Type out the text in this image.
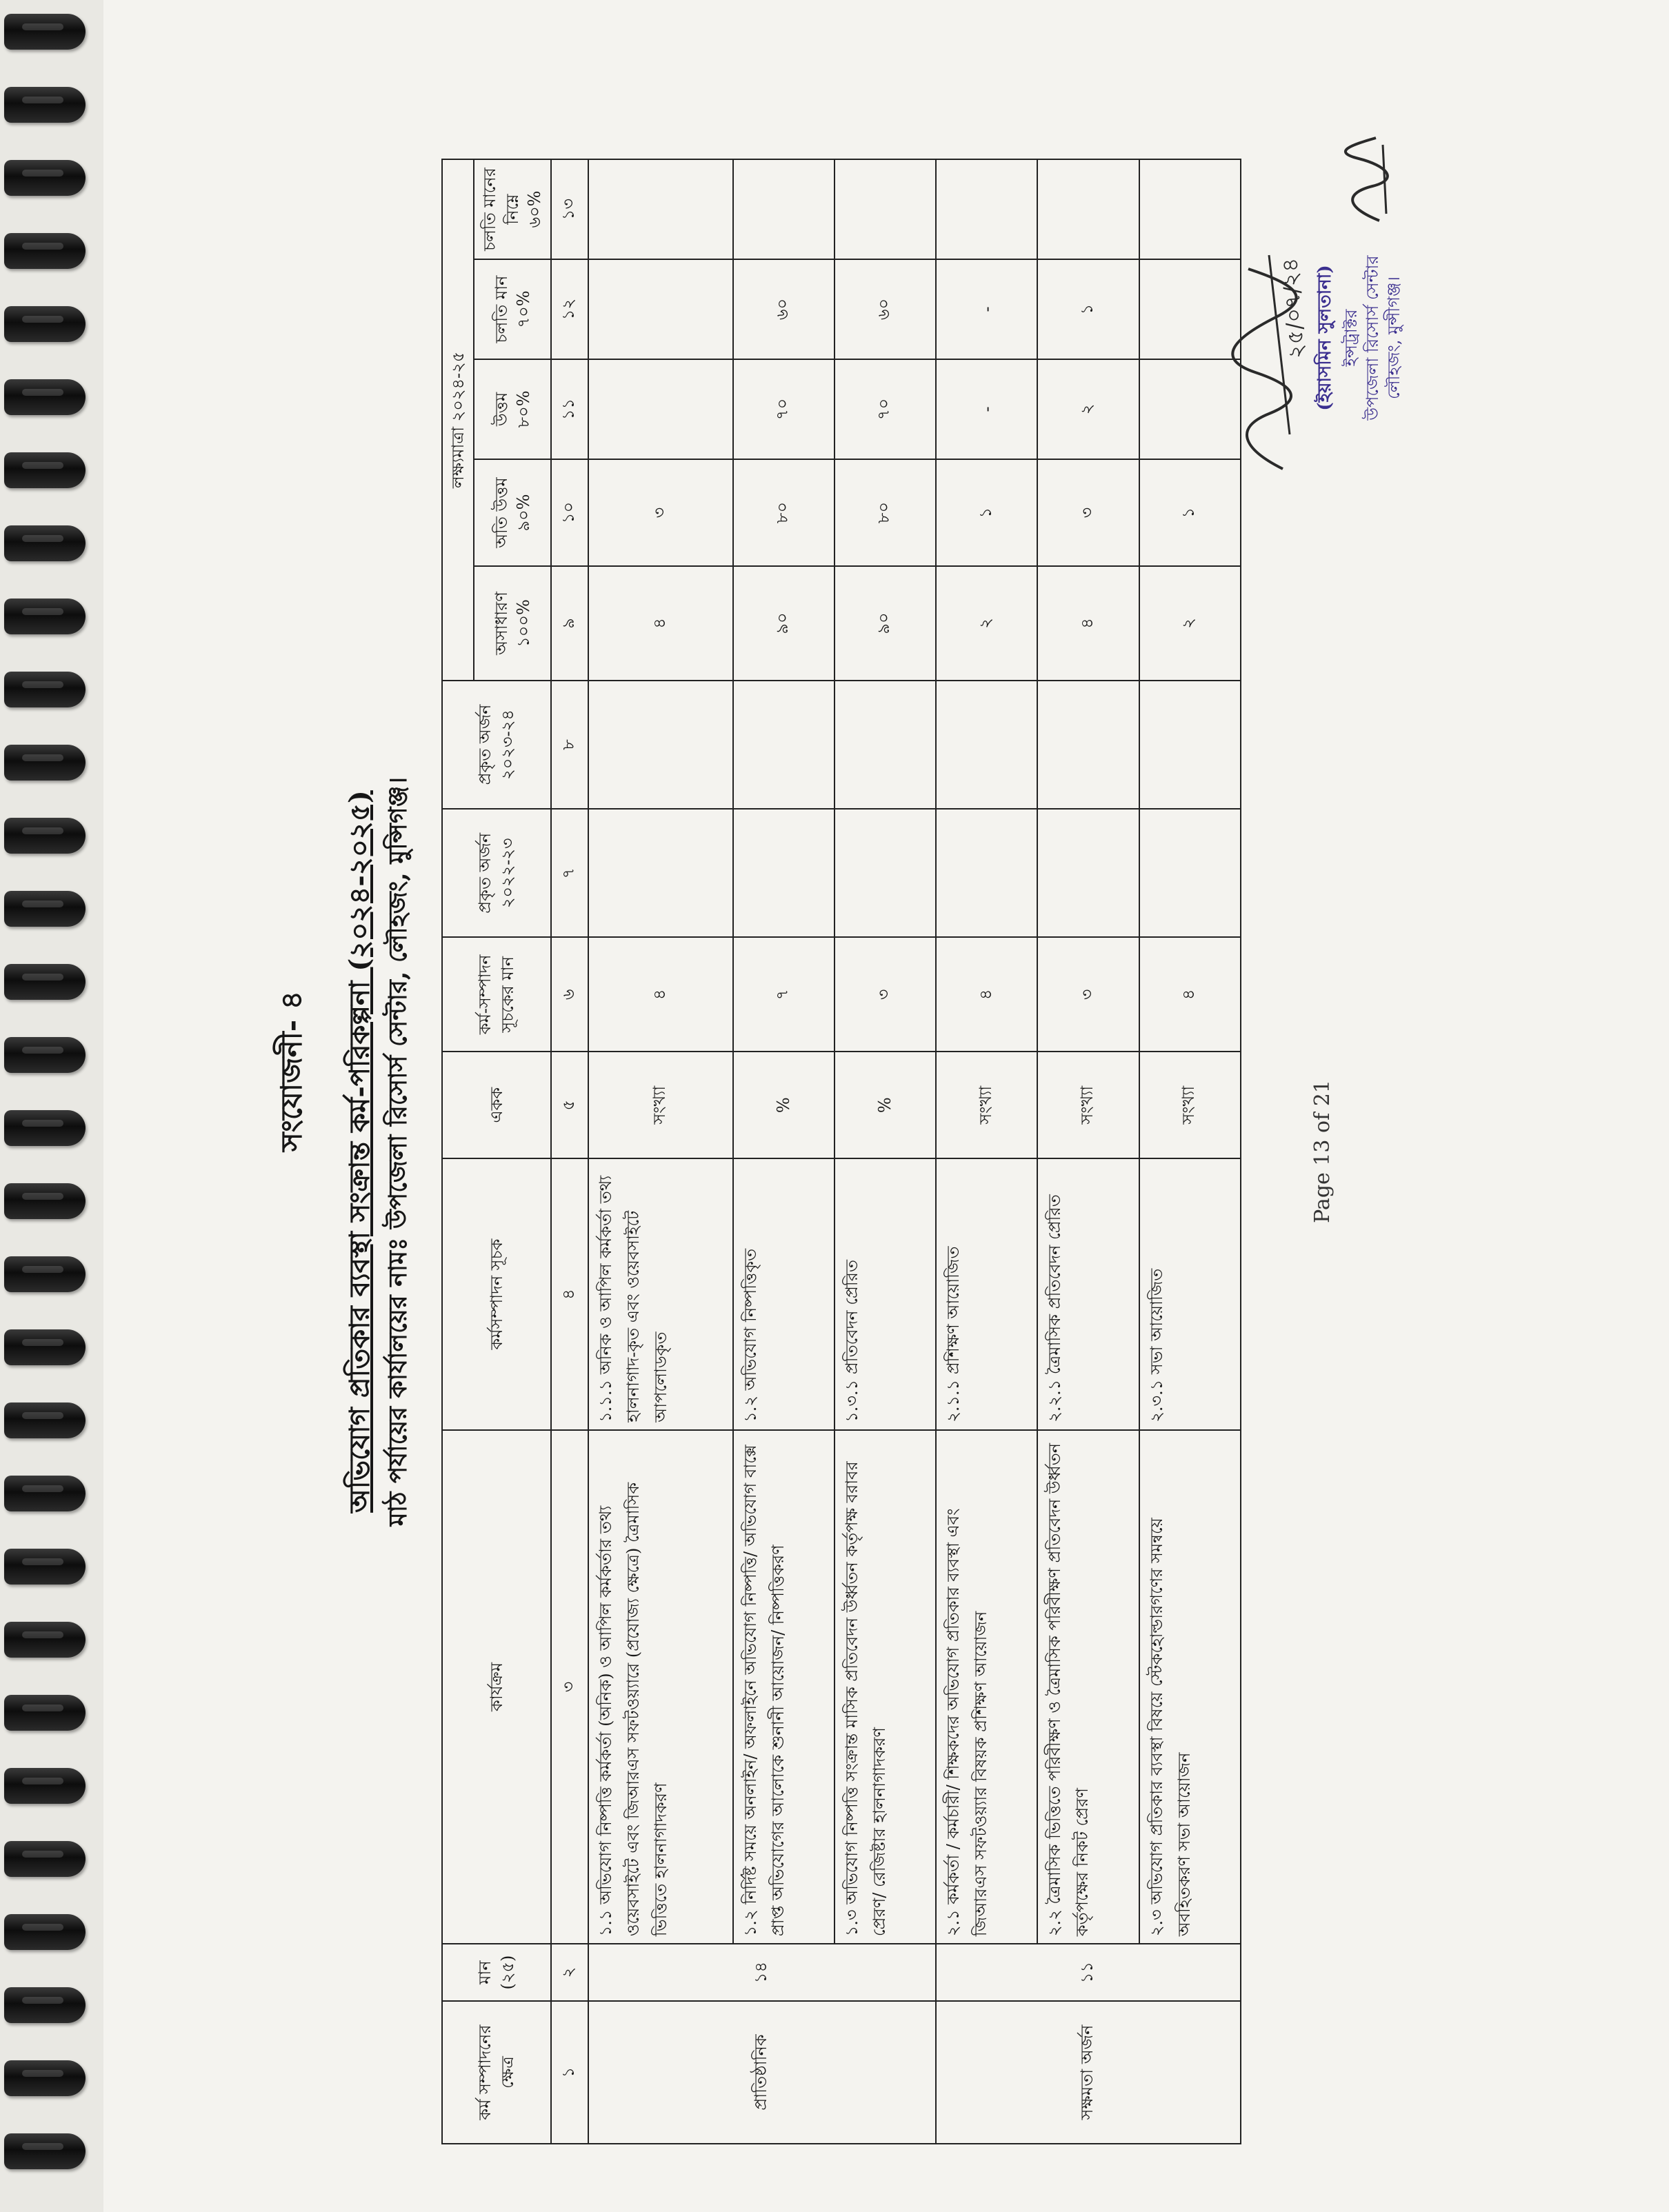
সংযোজনী- ৪	অভিযোগ প্রতিকার ব্যবস্থা সংক্রান্ত কর্ম-পরিকল্পনা (২০২৪-২০২৫) মাঠ পর্যায়ের কার্যালয়ের নামঃ উপজেলা রিসোর্স সেন্টার, লৌহজং, মুন্সিগঞ্জ।
কর্ম সম্পাদনের ক্ষেত্র	মান (২৫)	কার্যক্রম	কর্মসম্পাদন সূচক	একক	কর্ম-সম্পাদন সূচকের মান	প্রকৃত অর্জন ২০২২-২৩	প্রকৃত অর্জন ২০২৩-২৪	লক্ষ্যমাত্রা ২০২৪-২৫				
								অসাধারণ ১০০%	অতি উত্তম ৯০%	উত্তম ৮০%	চলতি মান ৭০%	চলতি মানের নিম্নে ৬০%
১	২	৩	৪	৫	৬	৭	৮	৯	১০	১১	১২	১৩
প্রাতিষ্ঠানিক	১৪	১.১ অভিযোগ নিষ্পত্তি কর্মকর্তা (অনিক) ও আপিল কর্মকর্তার তথ্য ওয়েবসাইটে এবং জিআরএস সফটওয়্যারে (প্রযোজ্য ক্ষেত্রে) ত্রৈমাসিক ভিত্তিতে হালনাগাদকরণ	১.১.১ অনিক ও আপিল কর্মকর্তা তথ্য হালনাগাদ-কৃত এবং ওয়েবসাইটে আপলোডকৃত	সংখ্যা	৪			৪	৩			
		১.২ নির্দিষ্ট সময়ে অনলাইন/ অফলাইনে অভিযোগ নিষ্পত্তি/ অভিযোগ বাক্সে প্রাপ্ত অভিযোগের আলোকে শুনানী আয়োজন/ নিষ্পত্তিকরণ	১.২ অভিযোগ নিষ্পত্তিকৃত	%	৭			৯০	৮০	৭০	৬০	
		১.৩ অভিযোগ নিষ্পত্তি সংক্রান্ত মাসিক প্রতিবেদন উর্ধ্বতন কর্তৃপক্ষ বরাবর প্রেরণ/ রেজিষ্টার হালনাগাদকরণ	১.৩.১ প্রতিবেদন প্রেরিত	%	৩			৯০	৮০	৭০	৬০	
সক্ষমতা অর্জন	১১	২.১ কর্মকর্তা / কর্মচারী/ শিক্ষকদের অভিযোগ প্রতিকার ব্যবস্থা এবং জিআরএস সফটওয়্যার বিষয়ক প্রশিক্ষণ আয়োজন	২.১.১ প্রশিক্ষণ আয়োজিত	সংখ্যা	৪			২	১	-	-	
		২.২ ত্রৈমাসিক ভিত্তিতে পরিবীক্ষণ ও ত্রৈমাসিক পরিবীক্ষণ প্রতিবেদন উর্ধ্বতন কর্তৃপক্ষের নিকট প্রেরণ	২.২.১ ত্রৈমাসিক প্রতিবেদন প্রেরিত	সংখ্যা	৩			৪	৩	২	১	
		২.৩ অভিযোগ প্রতিকার ব্যবস্থা বিষয়ে স্টেকহোল্ডারগণের সমন্বয়ে অবহিতকরণ সভা আয়োজন	২.৩.১ সভা আয়োজিত	সংখ্যা	৪			২	১			
Page 13 of 21
২৫/০৭/২৪ (ইয়াসমিন সুলতানা) ইন্সট্রাক্টর উপজেলা রিসোর্স সেন্টার লৌহজং, মুন্সীগঞ্জ।
